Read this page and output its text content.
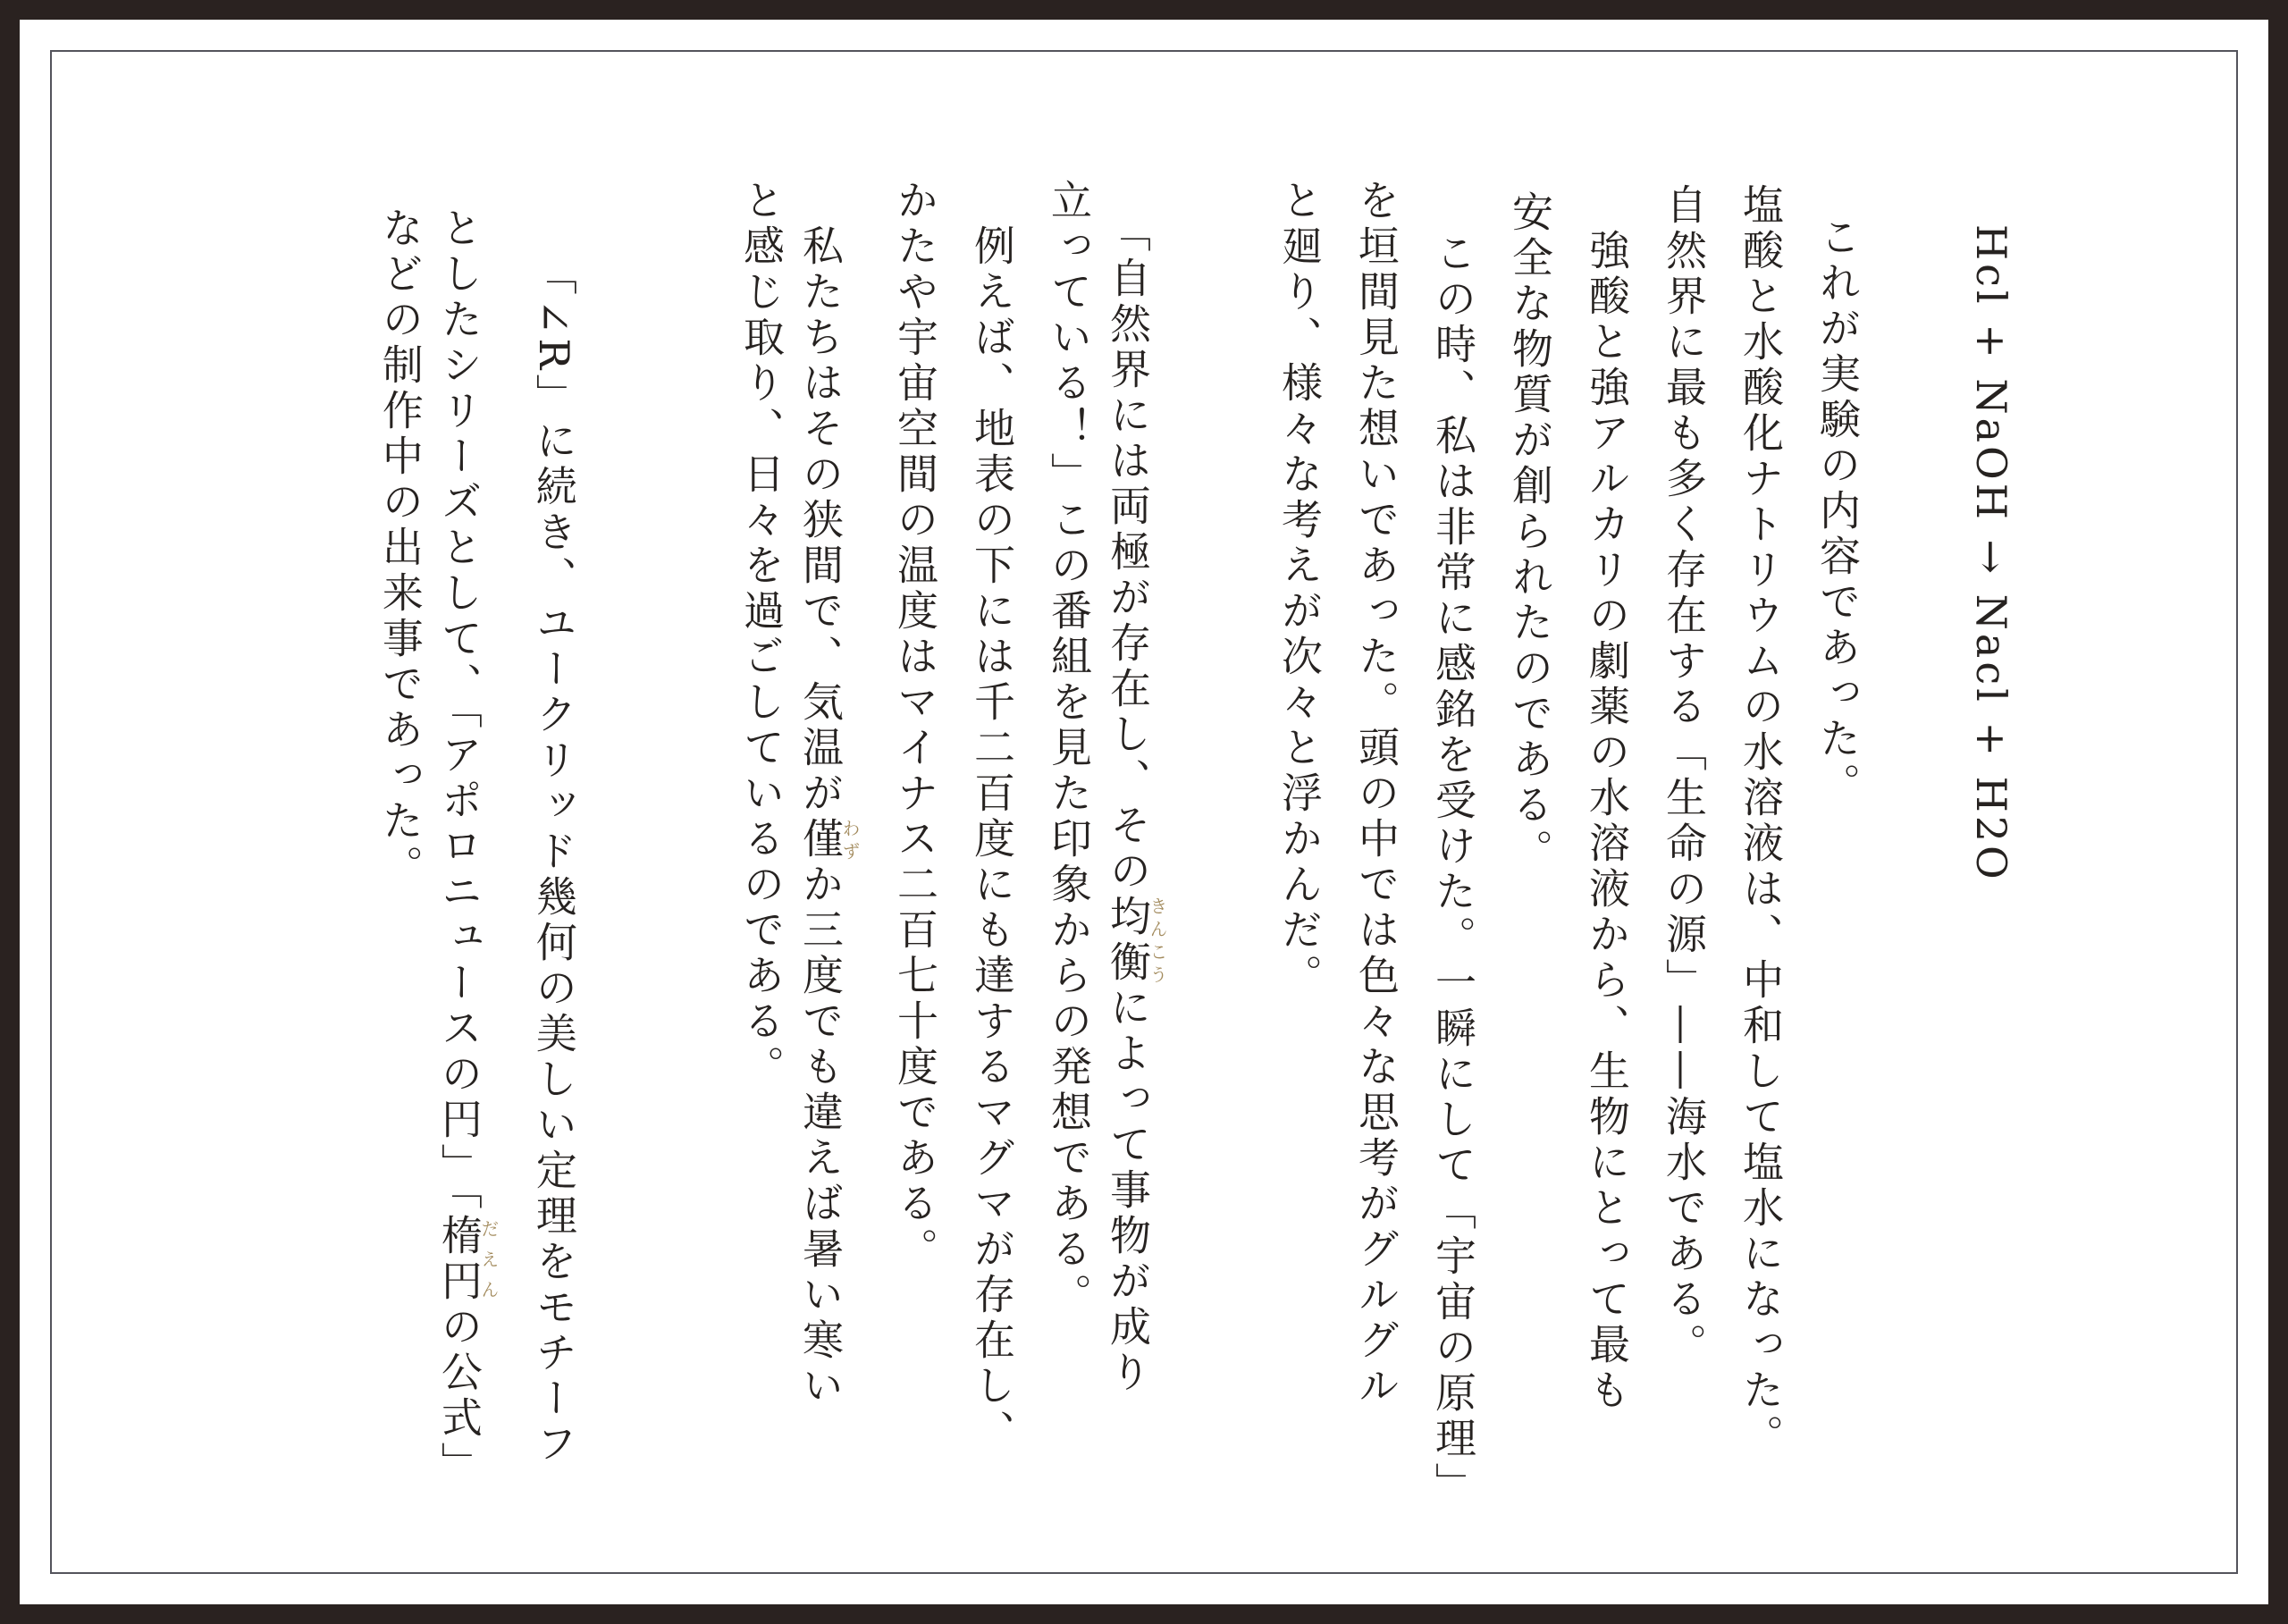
Hcl + NaOH → Nacl + H2O
これが実験の内容であった。
塩酸と水酸化ナトリウムの水溶液は、中和して塩水になった。
自然界に最も多く存在する「生命の源」——海水である。
強酸と強アルカリの劇薬の水溶液から、生物にとって最も
安全な物質が創られたのである。
この時、私は非常に感銘を受けた。一瞬にして「宇宙の原理」
を垣間見た想いであった。頭の中では色々な思考がグルグル
と廻り、様々な考えが次々と浮かんだ。
「自然界には両極が存在し、その均衡きんこうによって事物が成り
立っている！」この番組を見た印象からの発想である。
例えば、地表の下には千二百度にも達するマグマが存在し、
かたや宇宙空間の温度はマイナス二百七十度である。
私たちはその狭間で、気温が僅わずか三度でも違えば暑い寒い
と感じ取り、日々を過ごしているのである。
「∠R」に続き、ユークリッド幾何の美しい定理をモチーフ
としたシリーズとして、「アポロニュースの円」「楕円だえんの公式」
などの制作中の出来事であった。
